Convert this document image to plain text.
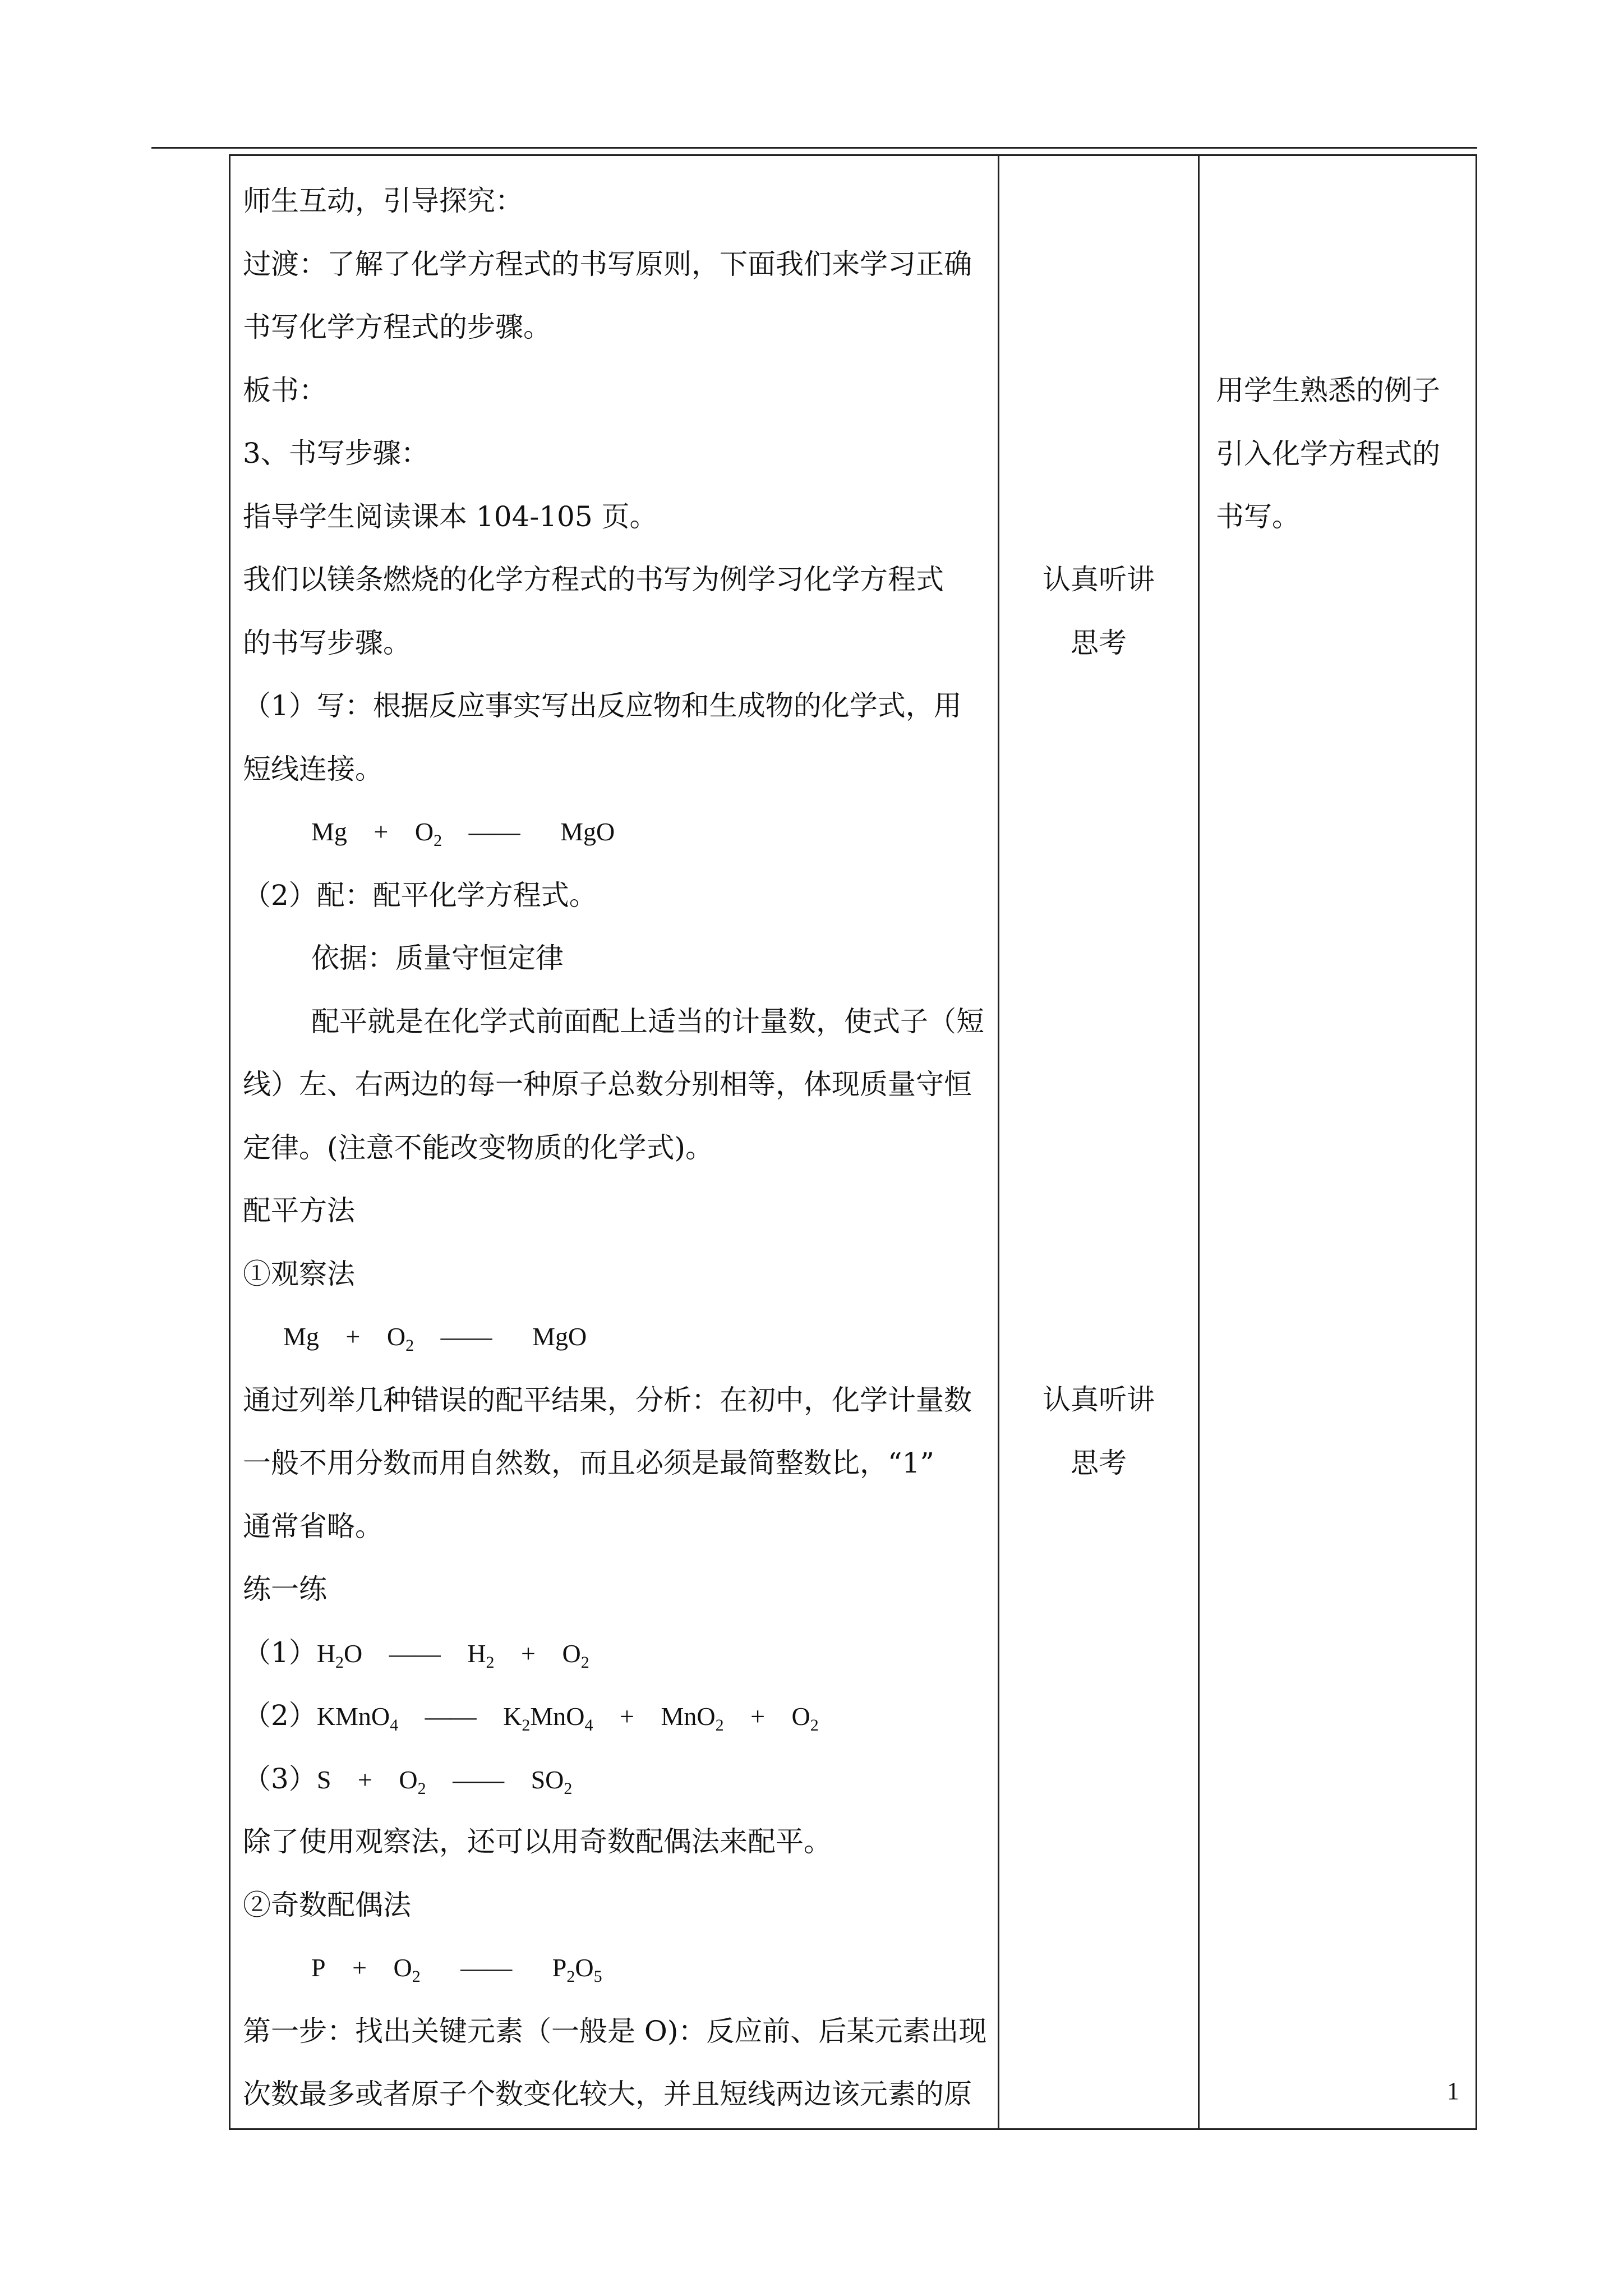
师生互动，引导探究：
过渡：了解了化学方程式的书写原则，下面我们来学习正确
书写化学方程式的步骤。
板书：
3、书写步骤：
指导学生阅读课本 104-105 页。
我们以镁条燃烧的化学方程式的书写为例学习化学方程式
的书写步骤。
（1）写：根据反应事实写出反应物和生成物的化学式，用
短线连接。
Mg + O2 —— MgO
（2）配：配平化学方程式。
依据：质量守恒定律
配平就是在化学式前面配上适当的计量数，使式子（短
线）左、右两边的每一种原子总数分别相等，体现质量守恒
定律。(注意不能改变物质的化学式)。
配平方法
①观察法
Mg + O2 —— MgO
通过列举几种错误的配平结果，分析：在初中，化学计量数
一般不用分数而用自然数，而且必须是最简整数比，“1”
通常省略。
练一练
（1）H2O —— H2 + O2
（2）KMnO4 —— K2MnO4 + MnO2 + O2
（3）S + O2 —— SO2
除了使用观察法，还可以用奇数配偶法来配平。
②奇数配偶法
P + O2 —— P2O5
第一步：找出关键元素（一般是 O)：反应前、后某元素出现
次数最多或者原子个数变化较大，并且短线两边该元素的原
认真听讲
思考
认真听讲
思考
用学生熟悉的例子
引入化学方程式的
书写。
1
